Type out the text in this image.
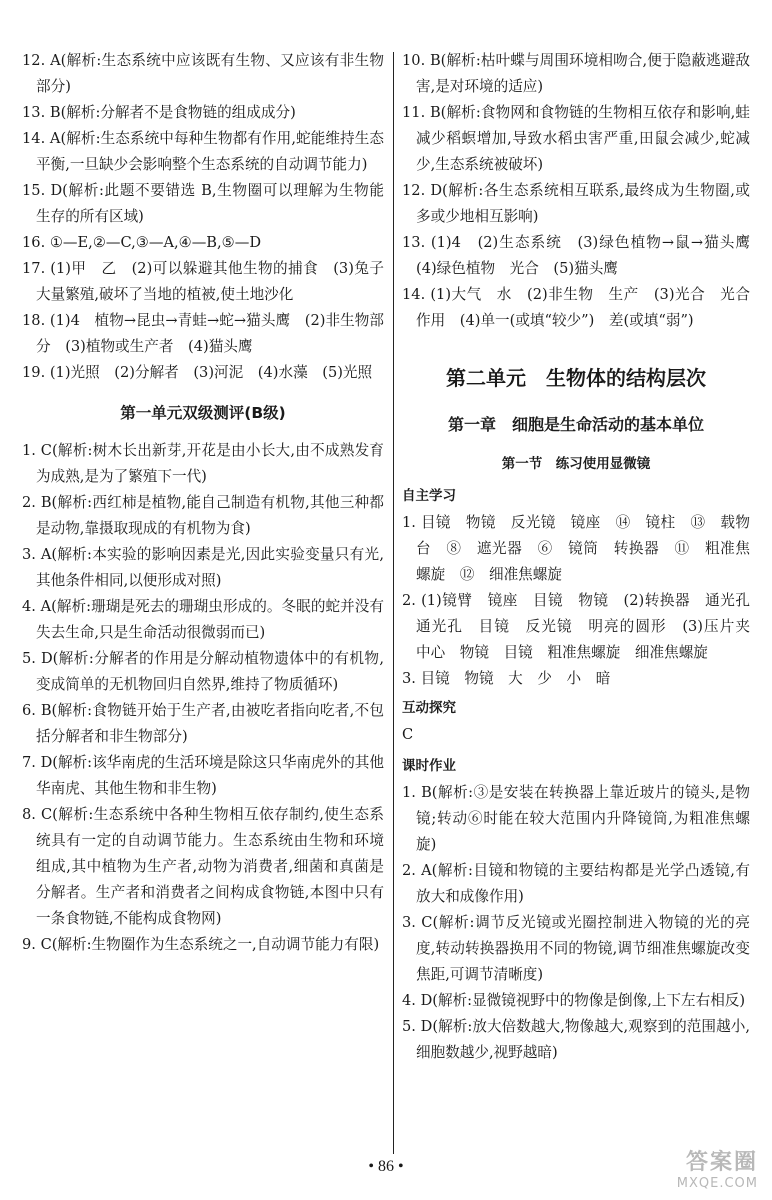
12. A(解析:生态系统中应该既有生物、又应该有非生物部分)
13. B(解析:分解者不是食物链的组成成分)
14. A(解析:生态系统中每种生物都有作用,蛇能维持生态平衡,一旦缺少会影响整个生态系统的自动调节能力)
15. D(解析:此题不要错选 B,生物圈可以理解为生物能生存的所有区域)
16. ①—E,②—C,③—A,④—B,⑤—D
17. (1)甲　乙　(2)可以躲避其他生物的捕食　(3)兔子大量繁殖,破坏了当地的植被,使土地沙化
18. (1)4　植物→昆虫→青蛙→蛇→猫头鹰　(2)非生物部分　(3)植物或生产者　(4)猫头鹰
19. (1)光照　(2)分解者　(3)河泥　(4)水藻　(5)光照
第一单元双级测评(B级)
1. C(解析:树木长出新芽,开花是由小长大,由不成熟发育为成熟,是为了繁殖下一代)
2. B(解析:西红柿是植物,能自己制造有机物,其他三种都是动物,靠摄取现成的有机物为食)
3. A(解析:本实验的影响因素是光,因此实验变量只有光,其他条件相同,以便形成对照)
4. A(解析:珊瑚是死去的珊瑚虫形成的。冬眠的蛇并没有失去生命,只是生命活动很微弱而已)
5. D(解析:分解者的作用是分解动植物遗体中的有机物,变成简单的无机物回归自然界,维持了物质循环)
6. B(解析:食物链开始于生产者,由被吃者指向吃者,不包括分解者和非生物部分)
7. D(解析:该华南虎的生活环境是除这只华南虎外的其他华南虎、其他生物和非生物)
8. C(解析:生态系统中各种生物相互依存制约,使生态系统具有一定的自动调节能力。生态系统由生物和环境组成,其中植物为生产者,动物为消费者,细菌和真菌是分解者。生产者和消费者之间构成食物链,本图中只有一条食物链,不能构成食物网)
9. C(解析:生物圈作为生态系统之一,自动调节能力有限)
10. B(解析:枯叶蝶与周围环境相吻合,便于隐蔽逃避敌害,是对环境的适应)
11. B(解析:食物网和食物链的生物相互依存和影响,蛙减少稻螟增加,导致水稻虫害严重,田鼠会减少,蛇减少,生态系统被破坏)
12. D(解析:各生态系统相互联系,最终成为生物圈,或多或少地相互影响)
13. (1)4　(2)生态系统　(3)绿色植物→鼠→猫头鹰　(4)绿色植物　光合　(5)猫头鹰
14. (1)大气　水　(2)非生物　生产　(3)光合　光合作用　(4)单一(或填“较少”)　差(或填“弱”)
第二单元　生物体的结构层次
第一章　细胞是生命活动的基本单位
第一节　练习使用显微镜
自主学习
1. 目镜　物镜　反光镜　镜座　⑭　镜柱　⑬　载物台　⑧　遮光器　⑥　镜筒　转换器　⑪　粗准焦螺旋　⑫　细准焦螺旋
2. (1)镜臂　镜座　目镜　物镜　(2)转换器　通光孔　通光孔　目镜　反光镜　明亮的圆形　(3)压片夹　中心　物镜　目镜　粗准焦螺旋　细准焦螺旋
3. 目镜　物镜　大　少　小　暗
互动探究
C
课时作业
1. B(解析:③是安装在转换器上靠近玻片的镜头,是物镜;转动⑥时能在较大范围内升降镜筒,为粗准焦螺旋)
2. A(解析:目镜和物镜的主要结构都是光学凸透镜,有放大和成像作用)
3. C(解析:调节反光镜或光圈控制进入物镜的光的亮度,转动转换器换用不同的物镜,调节细准焦螺旋改变焦距,可调节清晰度)
4. D(解析:显微镜视野中的物像是倒像,上下左右相反)
5. D(解析:放大倍数越大,物像越大,观察到的范围越小,细胞数越少,视野越暗)
• 86 •	答案圈
MXQE.COM
